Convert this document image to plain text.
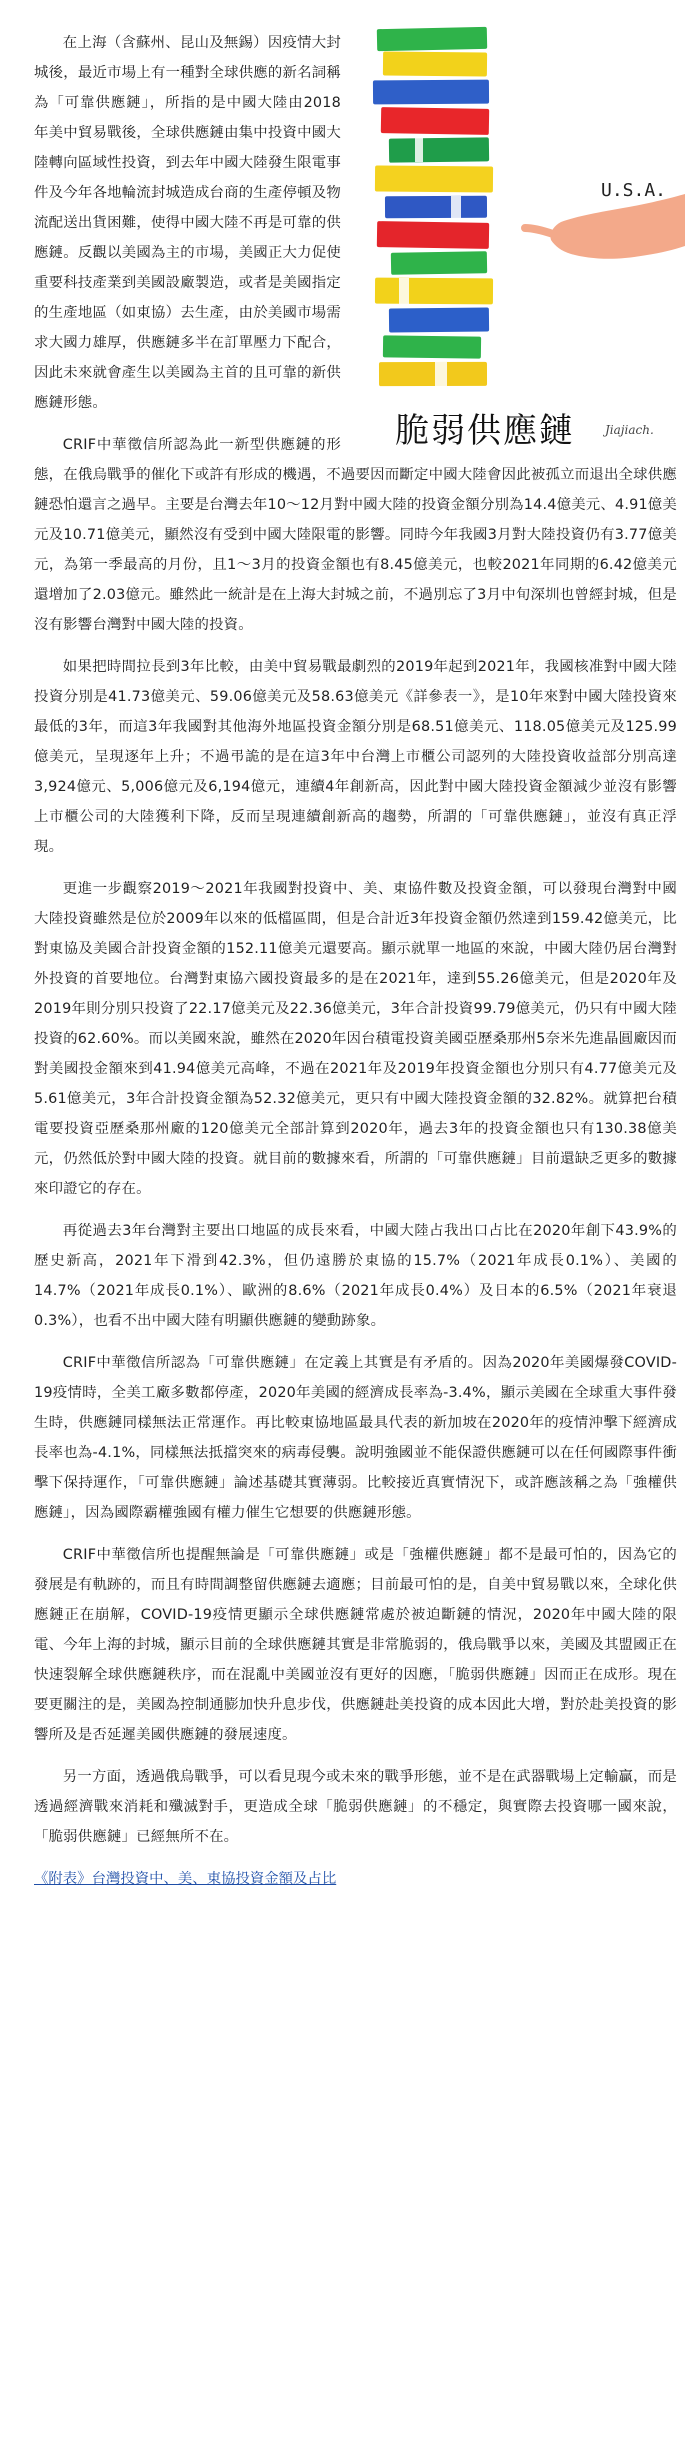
U.S.A.
脆弱供應鏈	Jiajiach.

在上海（含蘇州、昆山及無錫）因疫情大封城後，最近市場上有一種對全球供應的新名詞稱為「可靠供應鏈」，所指的是中國大陸由2018年美中貿易戰後，全球供應鏈由集中投資中國大陸轉向區域性投資，到去年中國大陸發生限電事件及今年各地輪流封城造成台商的生產停頓及物流配送出貨困難，使得中國大陸不再是可靠的供應鏈。反觀以美國為主的市場，美國正大力促使重要科技產業到美國設廠製造，或者是美國指定的生產地區（如東協）去生產，由於美國市場需求大國力雄厚，供應鏈多半在訂單壓力下配合，因此未來就會產生以美國為主首的且可靠的新供應鏈形態。

CRIF中華徵信所認為此一新型供應鏈的形態，在俄烏戰爭的催化下或許有形成的機遇，不過要因而斷定中國大陸會因此被孤立而退出全球供應鏈恐怕還言之過早。主要是台灣去年10～12月對中國大陸的投資金額分別為14.4億美元、4.91億美元及10.71億美元，顯然沒有受到中國大陸限電的影響。同時今年我國3月對大陸投資仍有3.77億美元，為第一季最高的月份，且1～3月的投資金額也有8.45億美元，也較2021年同期的6.42億美元還增加了2.03億元。雖然此一統計是在上海大封城之前，不過別忘了3月中旬深圳也曾經封城，但是沒有影響台灣對中國大陸的投資。

如果把時間拉長到3年比較，由美中貿易戰最劇烈的2019年起到2021年，我國核准對中國大陸投資分別是41.73億美元、59.06億美元及58.63億美元《詳參表一》，是10年來對中國大陸投資來最低的3年，而這3年我國對其他海外地區投資金額分別是68.51億美元、118.05億美元及125.99億美元，呈現逐年上升；不過弔詭的是在這3年中台灣上市櫃公司認列的大陸投資收益部分別高達3,924億元、5,006億元及6,194億元，連續4年創新高，因此對中國大陸投資金額減少並沒有影響上市櫃公司的大陸獲利下降，反而呈現連續創新高的趨勢，所謂的「可靠供應鏈」，並沒有真正浮現。

更進一步觀察2019～2021年我國對投資中、美、東協件數及投資金額，可以發現台灣對中國大陸投資雖然是位於2009年以來的低檔區間，但是合計近3年投資金額仍然達到159.42億美元，比對東協及美國合計投資金額的152.11億美元還要高。顯示就單一地區的來說，中國大陸仍居台灣對外投資的首要地位。台灣對東協六國投資最多的是在2021年，達到55.26億美元，但是2020年及2019年則分別只投資了22.17億美元及22.36億美元，3年合計投資99.79億美元，仍只有中國大陸投資的62.60%。而以美國來說，雖然在2020年因台積電投資美國亞歷桑那州5奈米先進晶圓廠因而對美國投金額來到41.94億美元高峰，不過在2021年及2019年投資金額也分別只有4.77億美元及5.61億美元，3年合計投資金額為52.32億美元，更只有中國大陸投資金額的32.82%。就算把台積電要投資亞歷桑那州廠的120億美元全部計算到2020年，過去3年的投資金額也只有130.38億美元，仍然低於對中國大陸的投資。就目前的數據來看，所謂的「可靠供應鏈」目前還缺乏更多的數據來印證它的存在。

再從過去3年台灣對主要出口地區的成長來看，中國大陸占我出口占比在2020年創下43.9%的歷史新高，2021年下滑到42.3%，但仍遠勝於東協的15.7%（2021年成長0.1%）、美國的14.7%（2021年成長0.1%）、歐洲的8.6%（2021年成長0.4%）及日本的6.5%（2021年衰退0.3%），也看不出中國大陸有明顯供應鏈的變動跡象。

CRIF中華徵信所認為「可靠供應鏈」在定義上其實是有矛盾的。因為2020年美國爆發COVID-19疫情時，全美工廠多數都停產，2020年美國的經濟成長率為-3.4%，顯示美國在全球重大事件發生時，供應鏈同樣無法正常運作。再比較東協地區最具代表的新加坡在2020年的疫情沖擊下經濟成長率也為-4.1%，同樣無法抵擋突來的病毒侵襲。說明強國並不能保證供應鏈可以在任何國際事件衝擊下保持運作，「可靠供應鏈」論述基礎其實薄弱。比較接近真實情況下，或許應該稱之為「強權供應鏈」，因為國際霸權強國有權力催生它想要的供應鏈形態。

CRIF中華徵信所也提醒無論是「可靠供應鏈」或是「強權供應鏈」都不是最可怕的，因為它的發展是有軌跡的，而且有時間調整留供應鏈去適應；目前最可怕的是，自美中貿易戰以來，全球化供應鏈正在崩解，COVID-19疫情更顯示全球供應鏈常處於被迫斷鏈的情況，2020年中國大陸的限電、今年上海的封城，顯示目前的全球供應鏈其實是非常脆弱的，俄烏戰爭以來，美國及其盟國正在快速裂解全球供應鏈秩序，而在混亂中美國並沒有更好的因應，「脆弱供應鏈」因而正在成形。現在要更關注的是，美國為控制通膨加快升息步伐，供應鏈赴美投資的成本因此大增，對於赴美投資的影響所及是否延遲美國供應鏈的發展速度。

另一方面，透過俄烏戰爭，可以看見現今或未來的戰爭形態，並不是在武器戰場上定輸贏，而是透過經濟戰來消耗和殲滅對手，更造成全球「脆弱供應鏈」的不穩定，與實際去投資哪一國來說，「脆弱供應鏈」已經無所不在。

《附表》台灣投資中、美、東協投資金額及占比
